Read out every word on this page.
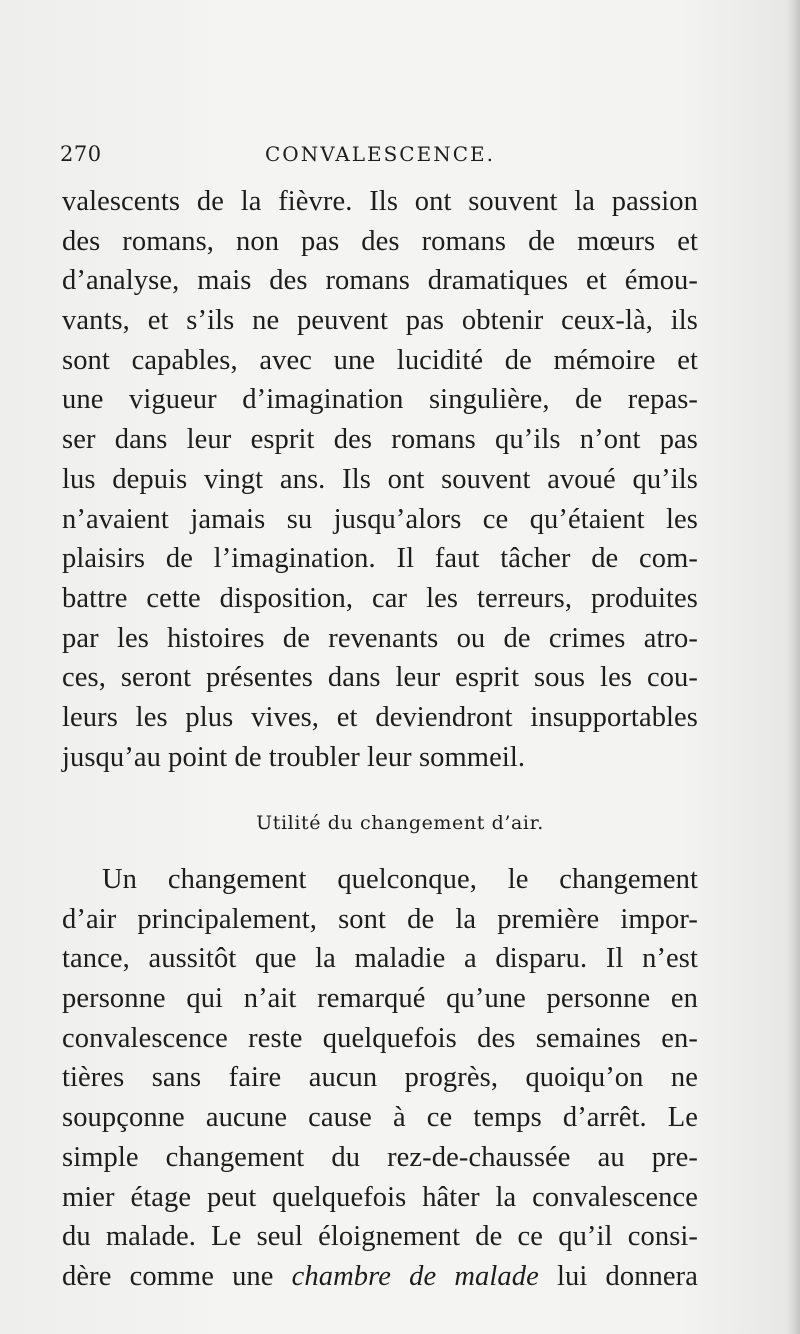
270	CONVALESCENCE.
valescents de la fièvre. Ils ont souvent la passion
des romans, non pas des romans de mœurs et
d’analyse, mais des romans dramatiques et émou-
vants, et s’ils ne peuvent pas obtenir ceux-là, ils
sont capables, avec une lucidité de mémoire et
une vigueur d’imagination singulière, de repas-
ser dans leur esprit des romans qu’ils n’ont pas
lus depuis vingt ans. Ils ont souvent avoué qu’ils
n’avaient jamais su jusqu’alors ce qu’étaient les
plaisirs de l’imagination. Il faut tâcher de com-
battre cette disposition, car les terreurs, produites
par les histoires de revenants ou de crimes atro-
ces, seront présentes dans leur esprit sous les cou-
leurs les plus vives, et deviendront insupportables
jusqu’au point de troubler leur sommeil.
Utilité du changement d’air.
Un changement quelconque, le changement
d’air principalement, sont de la première impor-
tance, aussitôt que la maladie a disparu. Il n’est
personne qui n’ait remarqué qu’une personne en
convalescence reste quelquefois des semaines en-
tières sans faire aucun progrès, quoiqu’on ne
soupçonne aucune cause à ce temps d’arrêt. Le
simple changement du rez-de-chaussée au pre-
mier étage peut quelquefois hâter la convalescence
du malade. Le seul éloignement de ce qu’il consi-
dère comme une chambre de malade lui donnera
